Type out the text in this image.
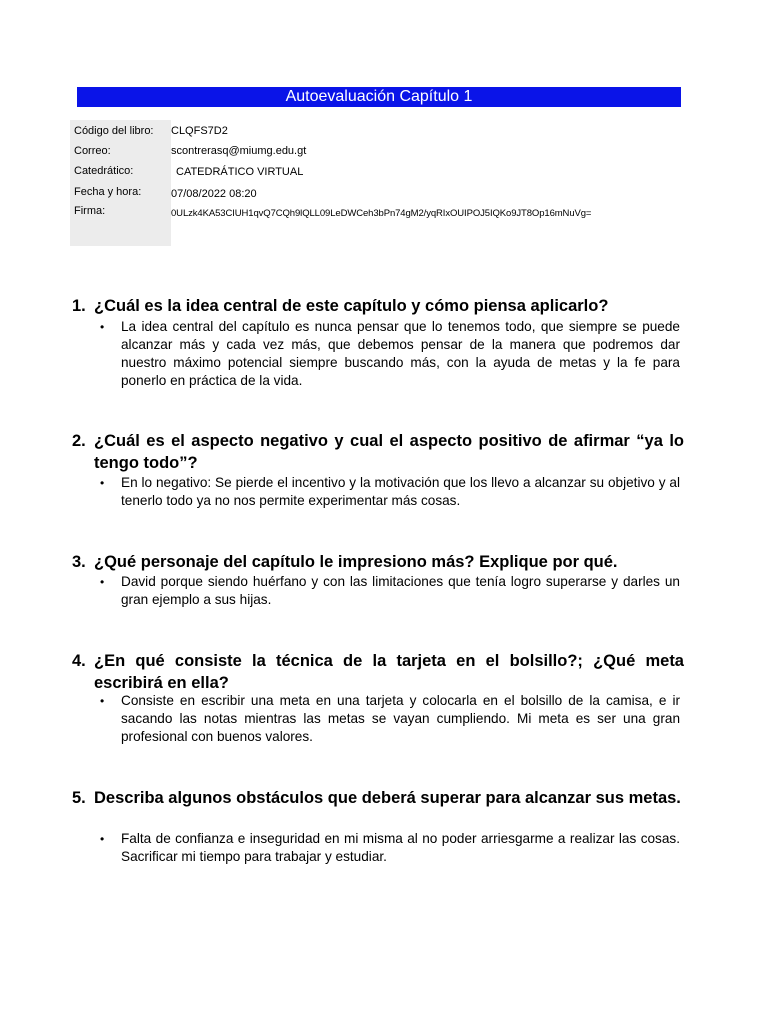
Autoevaluación Capítulo 1
Código del libro: CLQFS7D2
Correo:	scontrerasq@miumg.edu.gt
Catedrático:	CATEDRÁTICO VIRTUAL
Fecha y hora:	07/08/2022 08:20
Firma:	0ULzk4KA53CIUH1qvQ7CQh9lQLL09LeDWCeh3bPn74gM2/yqRIxOUIPOJ5IQKo9JT8Op16mNuVg=
1. ¿Cuál es la idea central de este capítulo y cómo piensa aplicarlo?
• La idea central del capítulo es nunca pensar que lo tenemos todo, que siempre se puede alcanzar más y cada vez más, que debemos pensar de la manera que podremos dar nuestro máximo potencial siempre buscando más, con la ayuda de metas y la fe para ponerlo en práctica de la vida.
2. ¿Cuál es el aspecto negativo y cual el aspecto positivo de afirmar “ya lo tengo todo”?
• En lo negativo: Se pierde el incentivo y la motivación que los llevo a alcanzar su objetivo y al tenerlo todo ya no nos permite experimentar más cosas.
3. ¿Qué personaje del capítulo le impresiono más? Explique por qué.
• David porque siendo huérfano y con las limitaciones que tenía logro superarse y darles un gran ejemplo a sus hijas.
4. ¿En qué consiste la técnica de la tarjeta en el bolsillo?; ¿Qué meta escribirá en ella?
• Consiste en escribir una meta en una tarjeta y colocarla en el bolsillo de la camisa, e ir sacando las notas mientras las metas se vayan cumpliendo. Mi meta es ser una gran profesional con buenos valores.
5. Describa algunos obstáculos que deberá superar para alcanzar sus metas.
• Falta de confianza e inseguridad en mi misma al no poder arriesgarme a realizar las cosas. Sacrificar mi tiempo para trabajar y estudiar.
